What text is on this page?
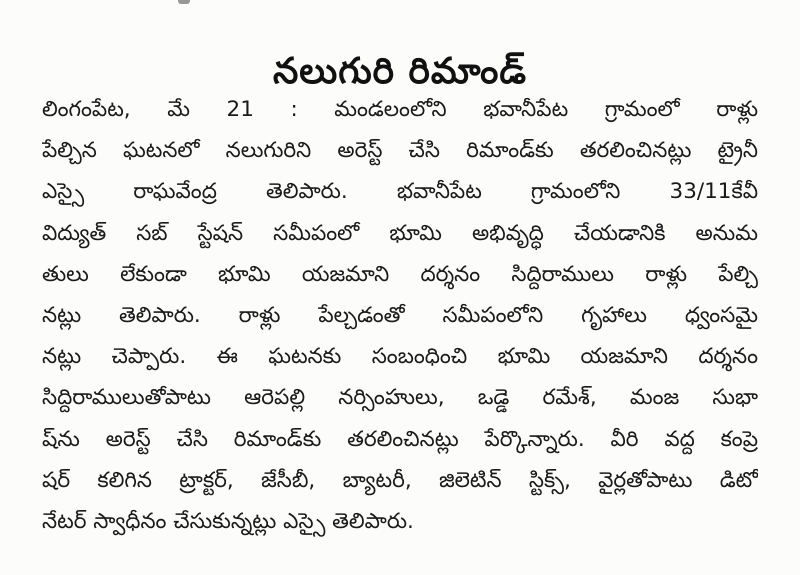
నలుగురి రిమాండ్
లింగంపేట, మే 21 : మండలంలోని భవానీపేట గ్రామంలో రాళ్లు
పేల్చిన ఘటనలో నలుగురిని అరెస్ట్ చేసి రిమాండ్‌కు తరలించినట్లు ట్రైనీ
ఎస్సై రాఘవేంద్ర తెలిపారు. భవానీపేట గ్రామంలోని 33/11కేవీ
విద్యుత్ సబ్ స్టేషన్ సమీపంలో భూమి అభివృద్ధి చేయడానికి అనుమ
తులు లేకుండా భూమి యజమాని దర్శనం సిద్దిరాములు రాళ్లు పేల్చి
నట్లు తెలిపారు. రాళ్లు పేల్చడంతో సమీపంలోని గృహాలు ధ్వంసమై
నట్లు చెప్పారు. ఈ ఘటనకు సంబంధించి భూమి యజమాని దర్శనం
సిద్దిరాములుతోపాటు ఆరెపల్లి నర్సింహులు, ఒడ్డె రమేశ్, మంజ సుభా
ష్‌ను అరెస్ట్ చేసి రిమాండ్‌కు తరలించినట్లు పేర్కొన్నారు. వీరి వద్ద కంప్రె
షర్ కలిగిన ట్రాక్టర్, జేసీబీ, బ్యాటరీ, జిలెటిన్ స్టిక్స్, వైర్లతోపాటు డిటో
నేటర్ స్వాధీనం చేసుకున్నట్లు ఎస్సై తెలిపారు.
